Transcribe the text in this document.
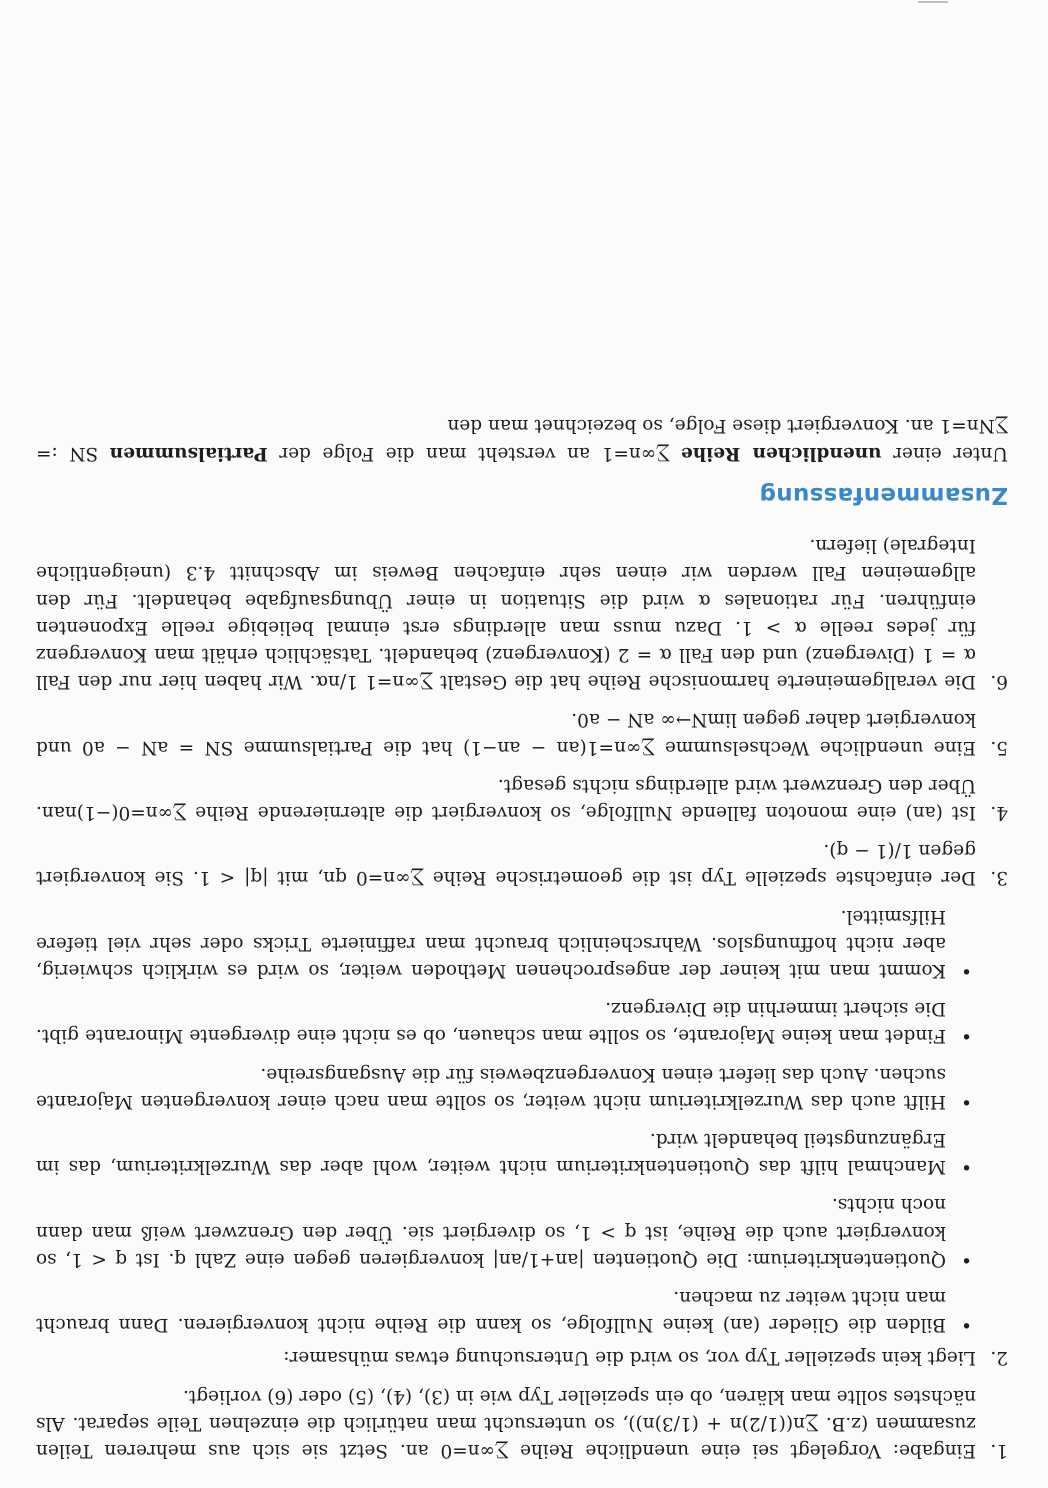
1.

Eingabe: Vorgelegt sei eine unendliche Reihe ∑∞n=0 an. Setzt sie sich aus mehreren Teilen zusammen (z.B. ∑n((1/2)n + (1/3)n)), so untersucht man natürlich die einzelnen Teile separat. Als nächstes sollte man klären, ob ein spezieller Typ wie in (3), (4), (5) oder (6) vorliegt.

2.

Liegt kein spezieller Typ vor, so wird die Untersuchung etwas mühsamer:

•
Bilden die Glieder (an) keine Nullfolge, so kann die Reihe nicht konvergieren. Dann braucht man nicht weiter zu machen.
•
Quotientenkriterium: Die Quotienten |an+1/an| konvergieren gegen eine Zahl q. Ist q < 1, so konvergiert auch die Reihe, ist q > 1, so divergiert sie. Über den Grenzwert weiß man dann noch nichts.
•
Manchmal hilft das Quotientenkriterium nicht weiter, wohl aber das Wurzelkriterium, das im Ergänzungsteil behandelt wird.
•
Hilft auch das Wurzelkriterium nicht weiter, so sollte man nach einer konvergenten Majorante suchen. Auch das liefert einen Konvergenzbeweis für die Ausgangsreihe.
•
Findet man keine Majorante, so sollte man schauen, ob es nicht eine divergente Minorante gibt. Die sichert immerhin die Divergenz.
•
Kommt man mit keiner der angesprochenen Methoden weiter, so wird es wirklich schwierig, aber nicht hoffnungslos. Wahrscheinlich braucht man raffinierte Tricks oder sehr viel tiefere Hilfsmittel.
3.

Der einfachste spezielle Typ ist die geometrische Reihe ∑∞n=0 qn, mit |q| < 1. Sie konvergiert gegen 1/(1 − q).

4.

Ist (an) eine monoton fallende Nullfolge, so konvergiert die alternierende Reihe ∑∞n=0(−1)nan. Über den Grenzwert wird allerdings nichts gesagt.

5.

Eine unendliche Wechselsumme ∑∞n=1(an − an−1) hat die Partialsumme SN = aN − a0 und konvergiert daher gegen limN→∞ aN − a0.

6.

Die verallgemeinerte harmonische Reihe hat die Gestalt ∑∞n=1 1/nα. Wir haben hier nur den Fall α = 1 (Divergenz) und den Fall α = 2 (Konvergenz) behandelt. Tatsächlich erhält man Konvergenz für jedes reelle α > 1. Dazu muss man allerdings erst einmal beliebige reelle Exponenten einführen. Für rationales α wird die Situation in einer Übungsaufgabe behandelt. Für den allgemeinen Fall werden wir einen sehr einfachen Beweis im Abschnitt 4.3 (uneigentliche Integrale) liefern.

Zusammenfassung

Unter einer unendlichen Reihe ∑∞n=1 an versteht man die Folge der Partialsummen SN := ∑Nn=1 an. Konvergiert diese Folge, so bezeichnet man den
